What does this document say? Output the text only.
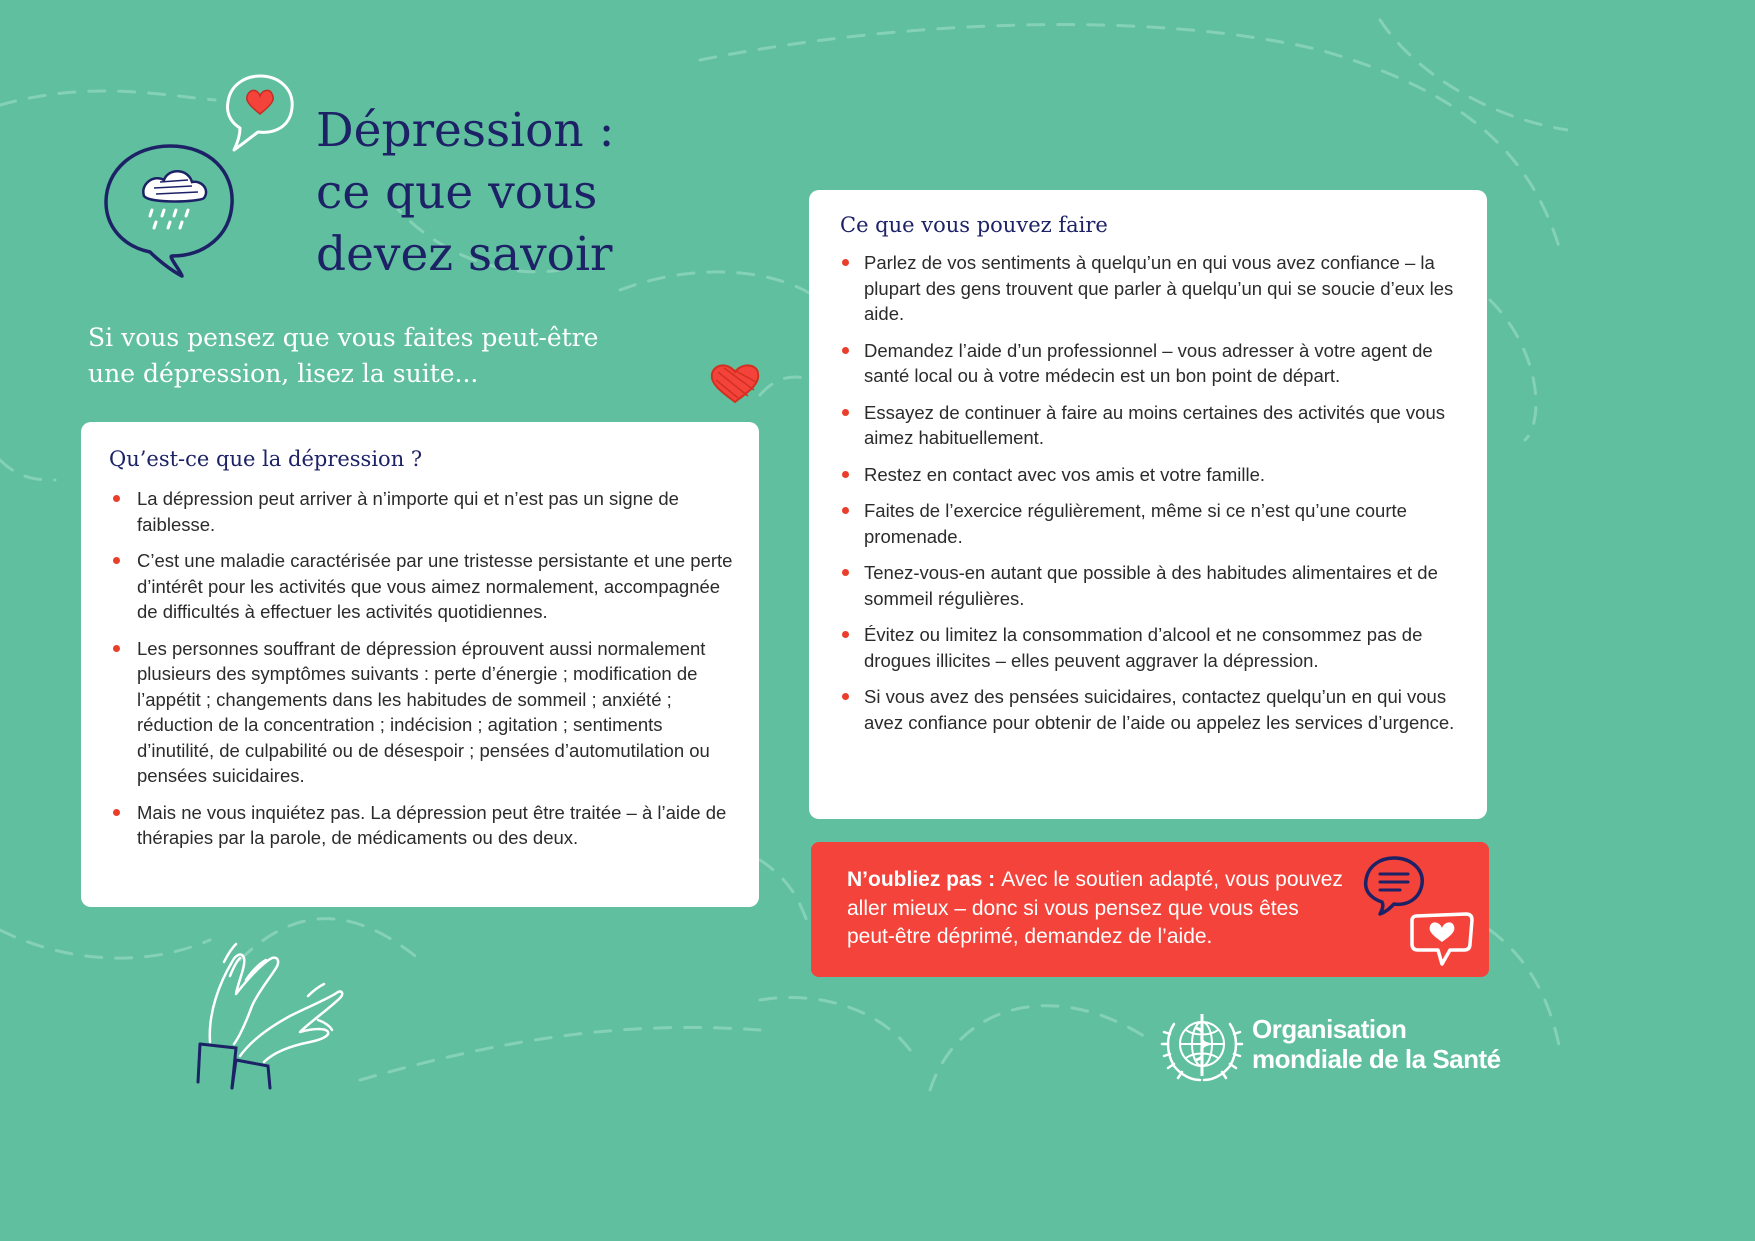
Dépression :
ce que vous
devez savoir

Si vous pensez que vous faites peut-être
une dépression, lisez la suite...

Qu’est-ce que la dépression ?
La dépression peut arriver à n’importe qui et n’est pas un signe de faiblesse.
C’est une maladie caractérisée par une tristesse persistante et une perte d’intérêt pour les activités que vous aimez normalement, accompagnée de difficultés à effectuer les activités quotidiennes.
Les personnes souffrant de dépression éprouvent aussi normalement plusieurs des symptômes suivants : perte d’énergie ; modification de l’appétit ; changements dans les habitudes de sommeil ; anxiété ; réduction de la concentration ; indécision ; agitation ; sentiments d’inutilité, de culpabilité ou de désespoir ; pensées d’automutilation ou pensées suicidaires.
Mais ne vous inquiétez pas. La dépression peut être traitée – à l’aide de thérapies par la parole, de médicaments ou des deux.
Ce que vous pouvez faire
Parlez de vos sentiments à quelqu’un en qui vous avez confiance – la plupart des gens trouvent que parler à quelqu’un qui se soucie d’eux les aide.
Demandez l’aide d’un professionnel – vous adresser à votre agent de santé local ou à votre médecin est un bon point de départ.
Essayez de continuer à faire au moins certaines des activités que vous aimez habituellement.
Restez en contact avec vos amis et votre famille.
Faites de l’exercice régulièrement, même si ce n’est qu’une courte promenade.
Tenez-vous-en autant que possible à des habitudes alimentaires et de sommeil régulières.
Évitez ou limitez la consommation d’alcool et ne consommez pas de drogues illicites – elles peuvent aggraver la dépression.
Si vous avez des pensées suicidaires, contactez quelqu’un en qui vous avez confiance pour obtenir de l’aide ou appelez les services d’urgence.
N’oubliez pas : Avec le soutien adapté, vous pouvez aller mieux – donc si vous pensez que vous êtes peut-être déprimé, demandez de l’aide.
Organisation
mondiale de la Santé
